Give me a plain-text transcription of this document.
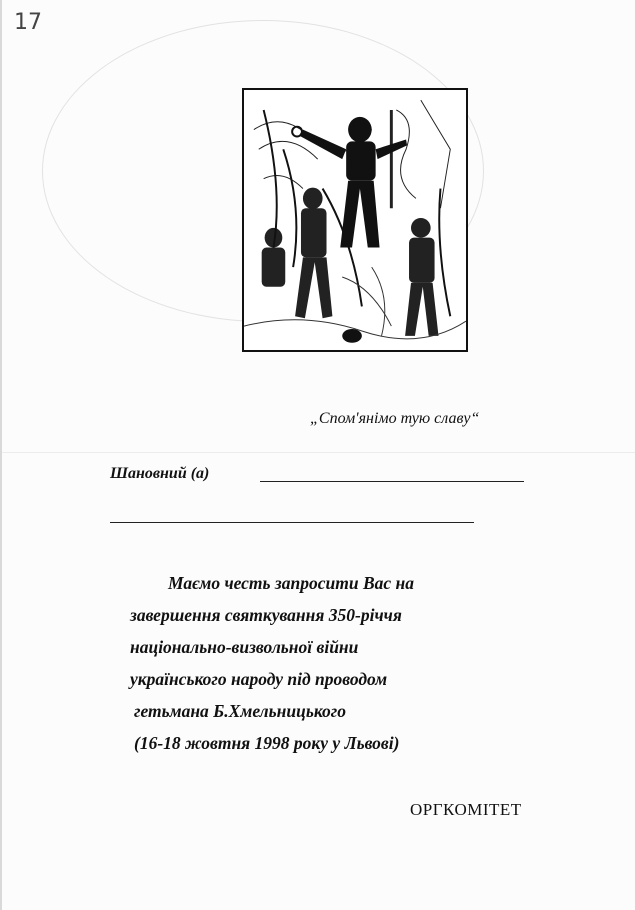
17
„Спом'янімо тую славу“
Шановний (а)
Маємо честь запросити Вас на
завершення святкування 350-річчя
національно-визвольної війни
українського народу під проводом
гетьмана Б.Хмельницького
(16-18 жовтня 1998 року у Львові)
ОРГКОМІТЕТ
